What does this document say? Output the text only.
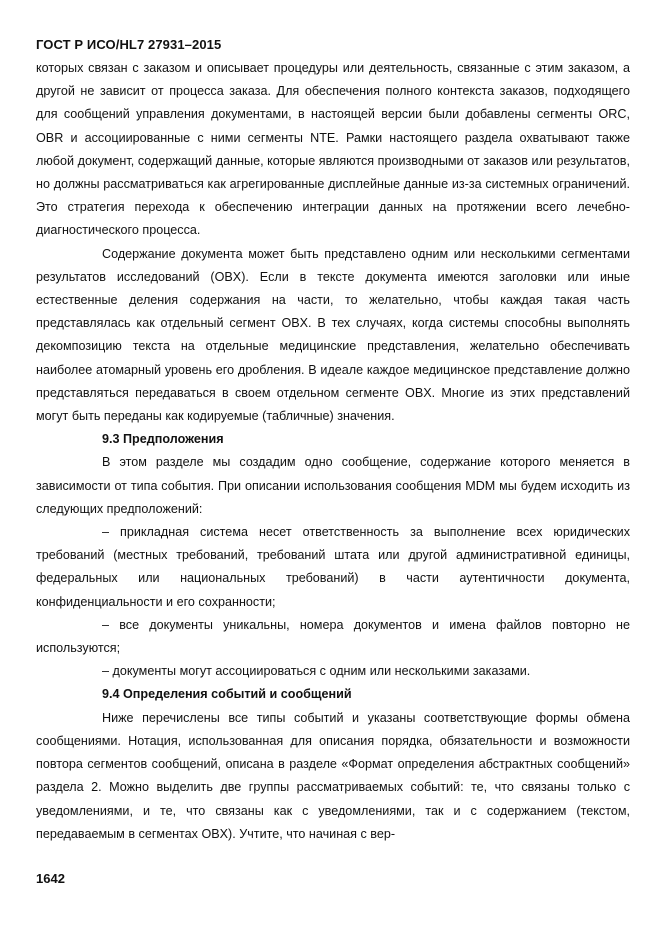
ГОСТ Р ИСО/HL7 27931–2015

которых связан с заказом и описывает процедуры или деятельность, связанные с этим заказом, а другой не зависит от процесса заказа. Для обеспечения полного контекста заказов, подходящего для сообщений управления документами, в настоящей версии были добавлены сегменты ORC, OBR и ассоциированные с ними сегменты NTE. Рамки настоящего раздела охватывают также любой документ, содержащий данные, которые являются производными от заказов или результатов, но должны рассматриваться как агрегированные дисплейные данные из-за системных ограничений. Это стратегия перехода к обеспечению интеграции данных на протяжении всего лечебно-диагностического процесса.

Содержание документа может быть представлено одним или несколькими сегментами результатов исследований (OBX). Если в тексте документа имеются заголовки или иные естественные деления содержания на части, то желательно, чтобы каждая такая часть представлялась как отдельный сегмент OBX. В тех случаях, когда системы способны выполнять декомпозицию текста на отдельные медицинские представления, желательно обеспечивать наиболее атомарный уровень его дробления. В идеале каждое медицинское представление должно представляться передаваться в своем отдельном сегменте OBX. Многие из этих представлений могут быть переданы как кодируемые (табличные) значения.

9.3 Предположения

В этом разделе мы создадим одно сообщение, содержание которого меняется в зависимости от типа события. При описании использования сообщения MDM мы будем исходить из следующих предположений:

– прикладная система несет ответственность за выполнение всех юридических требований (местных требований, требований штата или другой административной единицы, федеральных или национальных требований) в части аутентичности документа, конфиденциальности и его сохранности;

– все документы уникальны, номера документов и имена файлов повторно не используются;

– документы могут ассоциироваться с одним или несколькими заказами.

9.4 Определения событий и сообщений

Ниже перечислены все типы событий и указаны соответствующие формы обмена сообщениями. Нотация, использованная для описания порядка, обязательности и возможности повтора сегментов сообщений, описана в разделе «Формат определения абстрактных сообщений» раздела 2. Можно выделить две группы рассматриваемых событий: те, что связаны только с уведомлениями, и те, что связаны как с уведомлениями, так и с содержанием (текстом, передаваемым в сегментах OBX). Учтите, что начиная с вер-

1642
